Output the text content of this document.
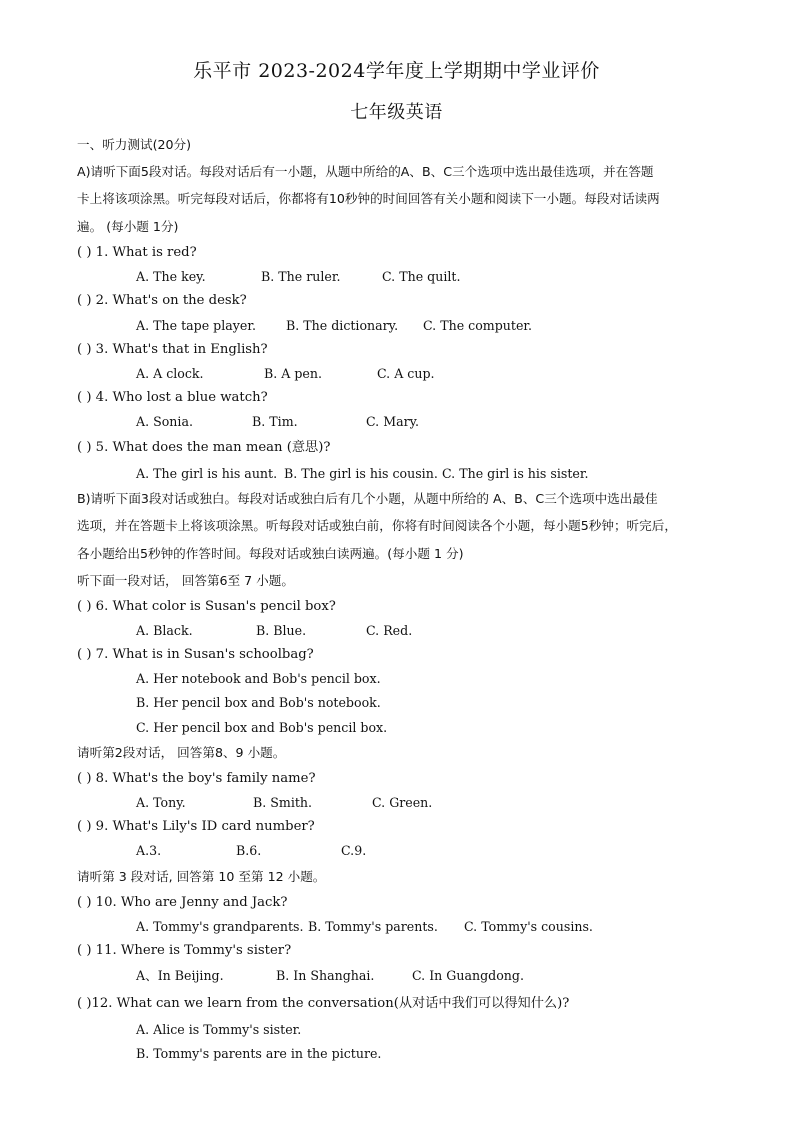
乐平市 2023-2024学年度上学期期中学业评价
七年级英语
一、听力测试(20分)
A)请听下面5段对话。每段对话后有一小题，从题中所给的A、B、C三个选项中选出最佳选项，并在答题
卡上将该项涂黑。听完每段对话后，你都将有10秒钟的时间回答有关小题和阅读下一小题。每段对话读两
遍。 (每小题 1分)
( ) 1. What is red?
A. The key.	B. The ruler.	C. The quilt.
( ) 2. What's on the desk?
A. The tape player. B. The dictionary. C. The computer.
( ) 3. What's that in English?
A. A clock.	B. A pen.	C. A cup.
( ) 4. Who lost a blue watch?
A. Sonia.	B. Tim.	C. Mary.
( ) 5. What does the man mean (意思)?
A. The girl is his aunt. B. The girl is his cousin. C. The girl is his sister.
B)请听下面3段对话或独白。每段对话或独白后有几个小题，从题中所给的 A、B、C三个选项中选出最佳
选项，并在答题卡上将该项涂黑。听每段对话或独白前，你将有时间阅读各个小题，每小题5秒钟；听完后，
各小题给出5秒钟的作答时间。每段对话或独白读两遍。(每小题 1 分)
听下面一段对话， 回答第6至 7 小题。
( ) 6. What color is Susan's pencil box?
A. Black.	B. Blue.	C. Red.
( ) 7. What is in Susan's schoolbag?
A. Her notebook and Bob's pencil box.
B. Her pencil box and Bob's notebook.
C. Her pencil box and Bob's pencil box.
请听第2段对话， 回答第8、9 小题。
( ) 8. What's the boy's family name?
A. Tony.	B. Smith.	C. Green.
( ) 9. What's Lily's ID card number?
A.3.	B.6.	C.9.
请听第 3 段对话, 回答第 10 至第 12 小题。
( ) 10. Who are Jenny and Jack?
A. Tommy's grandparents. B. Tommy's parents. C. Tommy's cousins.
( ) 11. Where is Tommy's sister?
A、In Beijing.	B. In Shanghai.	C. In Guangdong.
( )12. What can we learn from the conversation(从对话中我们可以得知什么)?
A. Alice is Tommy's sister.
B. Tommy's parents are in the picture.
